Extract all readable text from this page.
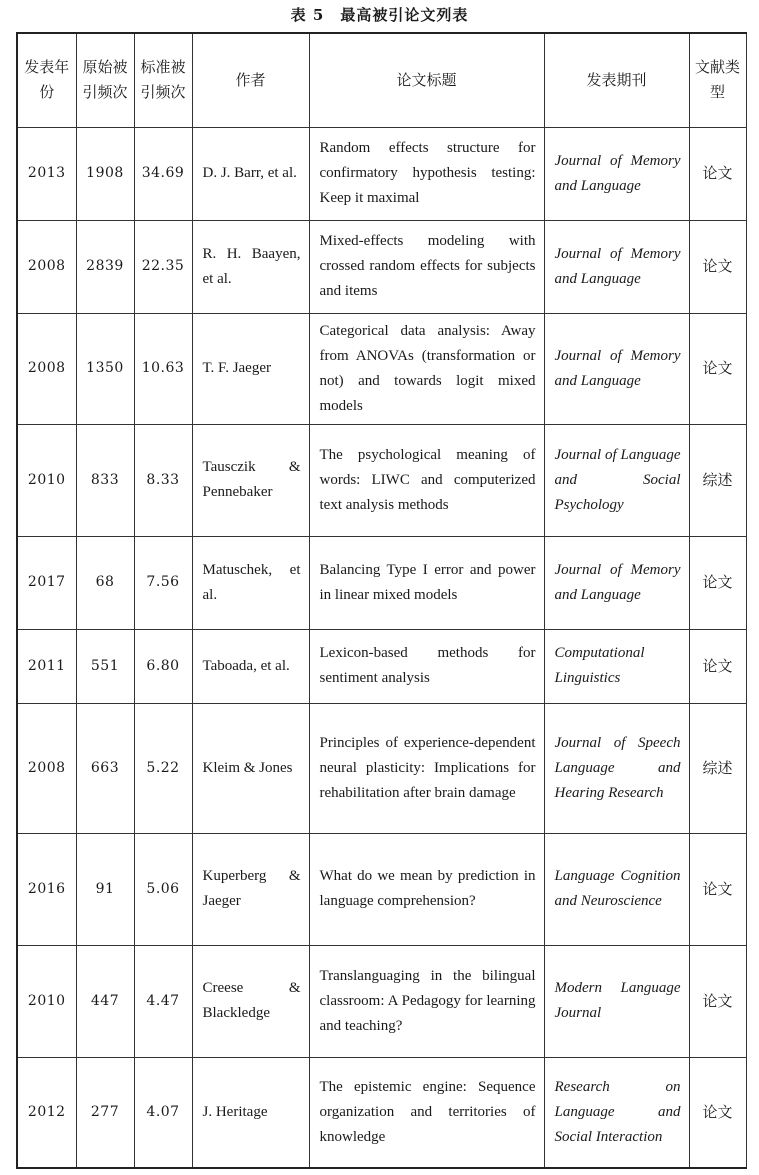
表 5　最高被引论文列表
发表年份	原始被引频次	标准被引频次	作者	论文标题	发表期刊	文献类型
2013	1908	34.69	D. J. Barr, et al.	Random effects structure for confirmatory hypothesis testing: Keep it maximal	Journal of Memory and Language	论文
2008	2839	22.35	R. H. Baayen, et al.	Mixed-effects modeling with crossed random effects for subjects and items	Journal of Memory and Language	论文
2008	1350	10.63	T. F. Jaeger	Categorical data analysis: Away from ANOVAs (transformation or not) and towards logit mixed models	Journal of Memory and Language	论文
2010	833	8.33	Tausczik & Pennebaker	The psychological meaning of words: LIWC and computerized text analysis methods	Journal of Language and Social Psychology	综述
2017	68	7.56	Matuschek, et al.	Balancing Type I error and power in linear mixed models	Journal of Memory and Language	论文
2011	551	6.80	Taboada, et al.	Lexicon-based methods for sentiment analysis	Computational Linguistics	论文
2008	663	5.22	Kleim & Jones	Principles of experience-dependent neural plasticity: Implications for rehabilitation after brain damage	Journal of Speech Language and Hearing Research	综述
2016	91	5.06	Kuperberg & Jaeger	What do we mean by prediction in language comprehension?	Language Cognition and Neuroscience	论文
2010	447	4.47	Creese & Blackledge	Translanguaging in the bilingual classroom: A Pedagogy for learning and teaching?	Modern Language Journal	论文
2012	277	4.07	J. Heritage	The epistemic engine: Sequence organization and territories of knowledge	Research on Language and Social Interaction	论文
